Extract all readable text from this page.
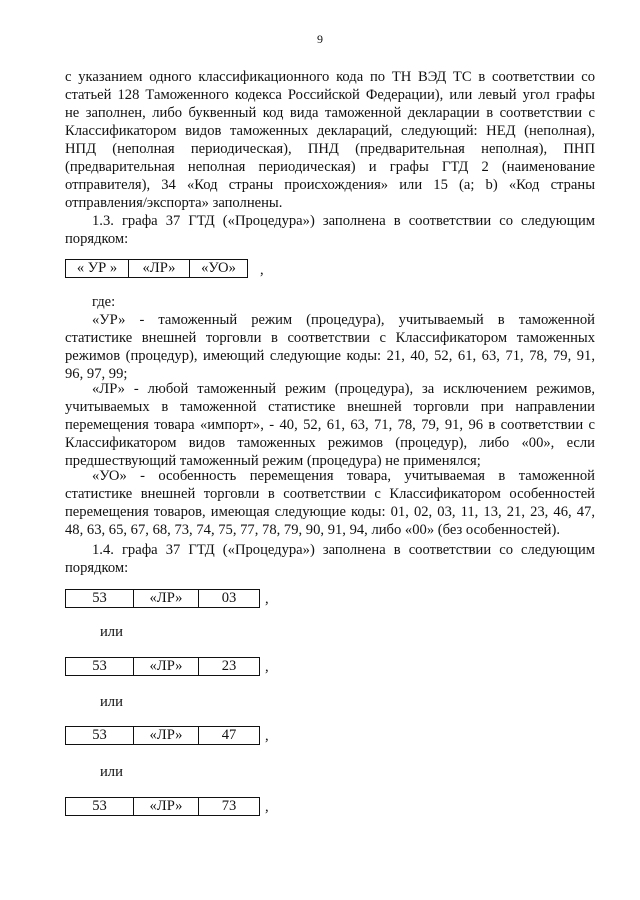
9
с указанием одного классификационного кода по ТН ВЭД ТС в соответствии со
статьей 128 Таможенного кодекса Российской Федерации), или левый угол графы
не заполнен, либо буквенный код вида таможенной декларации в соответствии с
Классификатором видов таможенных деклараций, следующий: НЕД (неполная),
НПД (неполная периодическая), ПНД (предварительная неполная), ПНП
(предварительная неполная периодическая) и графы ГТД 2 (наименование
отправителя), 34 «Код страны происхождения» или 15 (a; b) «Код страны
отправления/экспорта» заполнены.
1.3. графа 37 ГТД («Процедура») заполнена в соответствии со следующим
порядком:
« УР »	«ЛР»	«УО»	,
где:
«УР» - таможенный режим (процедура), учитываемый в таможенной
статистике внешней торговли в соответствии с Классификатором таможенных
режимов (процедур), имеющий следующие коды: 21, 40, 52, 61, 63, 71, 78, 79, 91,
96, 97, 99;
«ЛР» - любой таможенный режим (процедура), за исключением режимов,
учитываемых в таможенной статистике внешней торговли при направлении
перемещения товара «импорт», - 40, 52, 61, 63, 71, 78, 79, 91, 96 в соответствии с
Классификатором видов таможенных режимов (процедур), либо «00», если
предшествующий таможенный режим (процедура) не применялся;
«УО» - особенность перемещения товара, учитываемая в таможенной
статистике внешней торговли в соответствии с Классификатором особенностей
перемещения товаров, имеющая следующие коды: 01, 02, 03, 11, 13, 21, 23, 46, 47,
48, 63, 65, 67, 68, 73, 74, 75, 77, 78, 79, 90, 91, 94, либо «00» (без особенностей).
1.4. графа 37 ГТД («Процедура») заполнена в соответствии со следующим
порядком:
53	«ЛР»	03	,
или
53	«ЛР»	23	,
или
53	«ЛР»	47	,
или
53	«ЛР»	73	,
